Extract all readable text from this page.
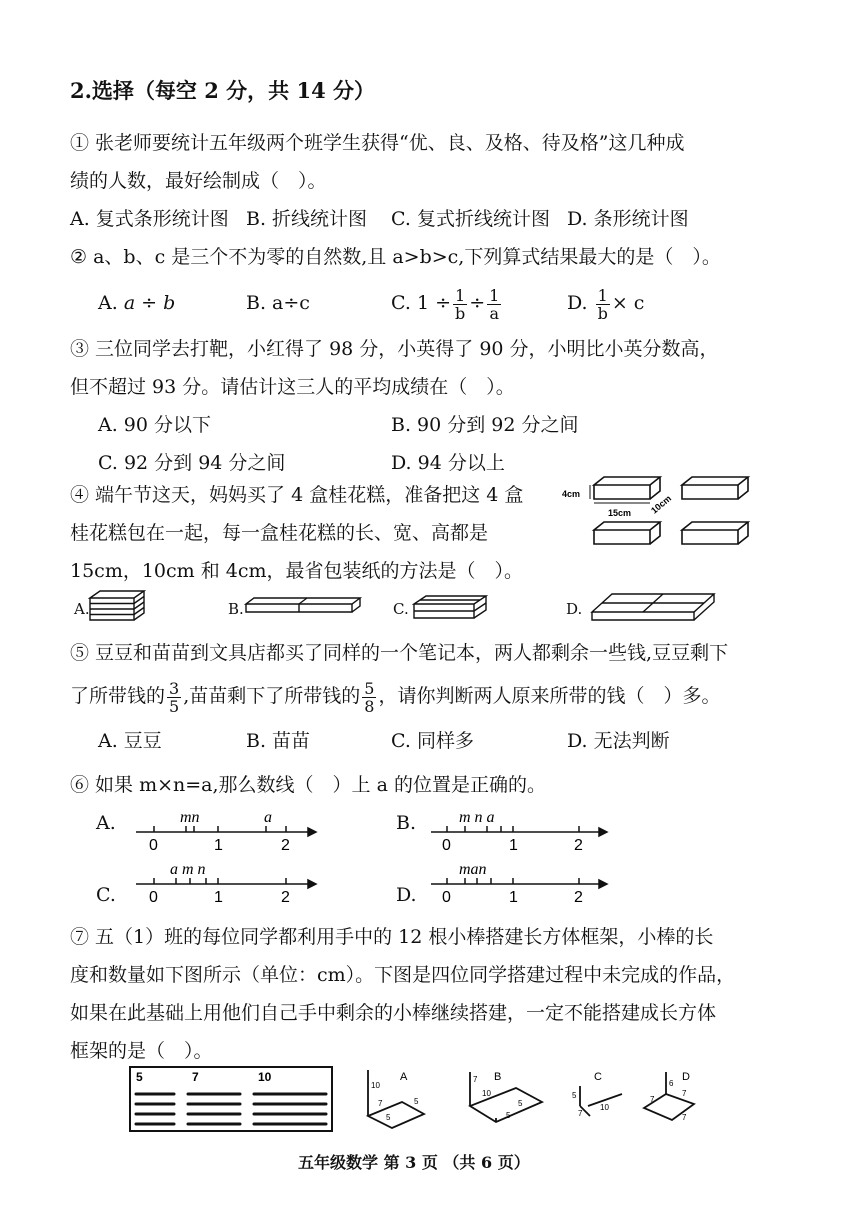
2.选择（每空 2 分，共 14 分）
① 张老师要统计五年级两个班学生获得“优、良、及格、待及格”这几种成
绩的人数，最好绘制成（　）。
A. 复式条形统计图 B. 折线统计图 C. 复式折线统计图 D. 条形统计图
② a、b、c 是三个不为零的自然数,且 a>b>c,下列算式结果最大的是（　）。
A. a ÷ b	B. a÷c	C. $1 \div \frac{1}{b} \div \frac{1}{a}$	D. $\frac{1}{b} \times c$
③ 三位同学去打靶，小红得了 98 分，小英得了 90 分，小明比小英分数高，
但不超过 93 分。请估计这三人的平均成绩在（　）。
A. 90 分以下	B. 90 分到 92 分之间
C. 92 分到 94 分之间	D. 94 分以上
④ 端午节这天，妈妈买了 4 盒桂花糕，准备把这 4 盒
桂花糕包在一起，每一盒桂花糕的长、宽、高都是
15cm，10cm 和 4cm，最省包装纸的方法是（　）。
4cm
15cm 10cm
A.	B.	C.	D.
⑤ 豆豆和苗苗到文具店都买了同样的一个笔记本，两人都剩余一些钱,豆豆剩下
了所带钱的 $\frac{3}{5}$ ,苗苗剩下了所带钱的 $\frac{5}{8}$ ，请你判断两人原来所带的钱（　）多。
A. 豆豆	B. 苗苗	C. 同样多	D. 无法判断
⑥ 如果 m×n=a,那么数线（　）上 a 的位置是正确的。
A.	mn	a
0	1	2
B.	m n a
0	1	2
C.
a m n
0	1	2	D.
man
0	1	2
⑦ 五（1）班的每位同学都利用手中的 12 根小棒搭建长方体框架，小棒的长
度和数量如下图所示（单位：cm）。下图是四位同学搭建过程中未完成的作品，
如果在此基础上用他们自己手中剩余的小棒继续搭建，一定不能搭建成长方体
框架的是（　）。
5	7	10	A
10
7	5
5
B
7
10
5
5
C
5
7
10
D
6
7
7
7
五年级数学 第 3 页 （共 6 页）
